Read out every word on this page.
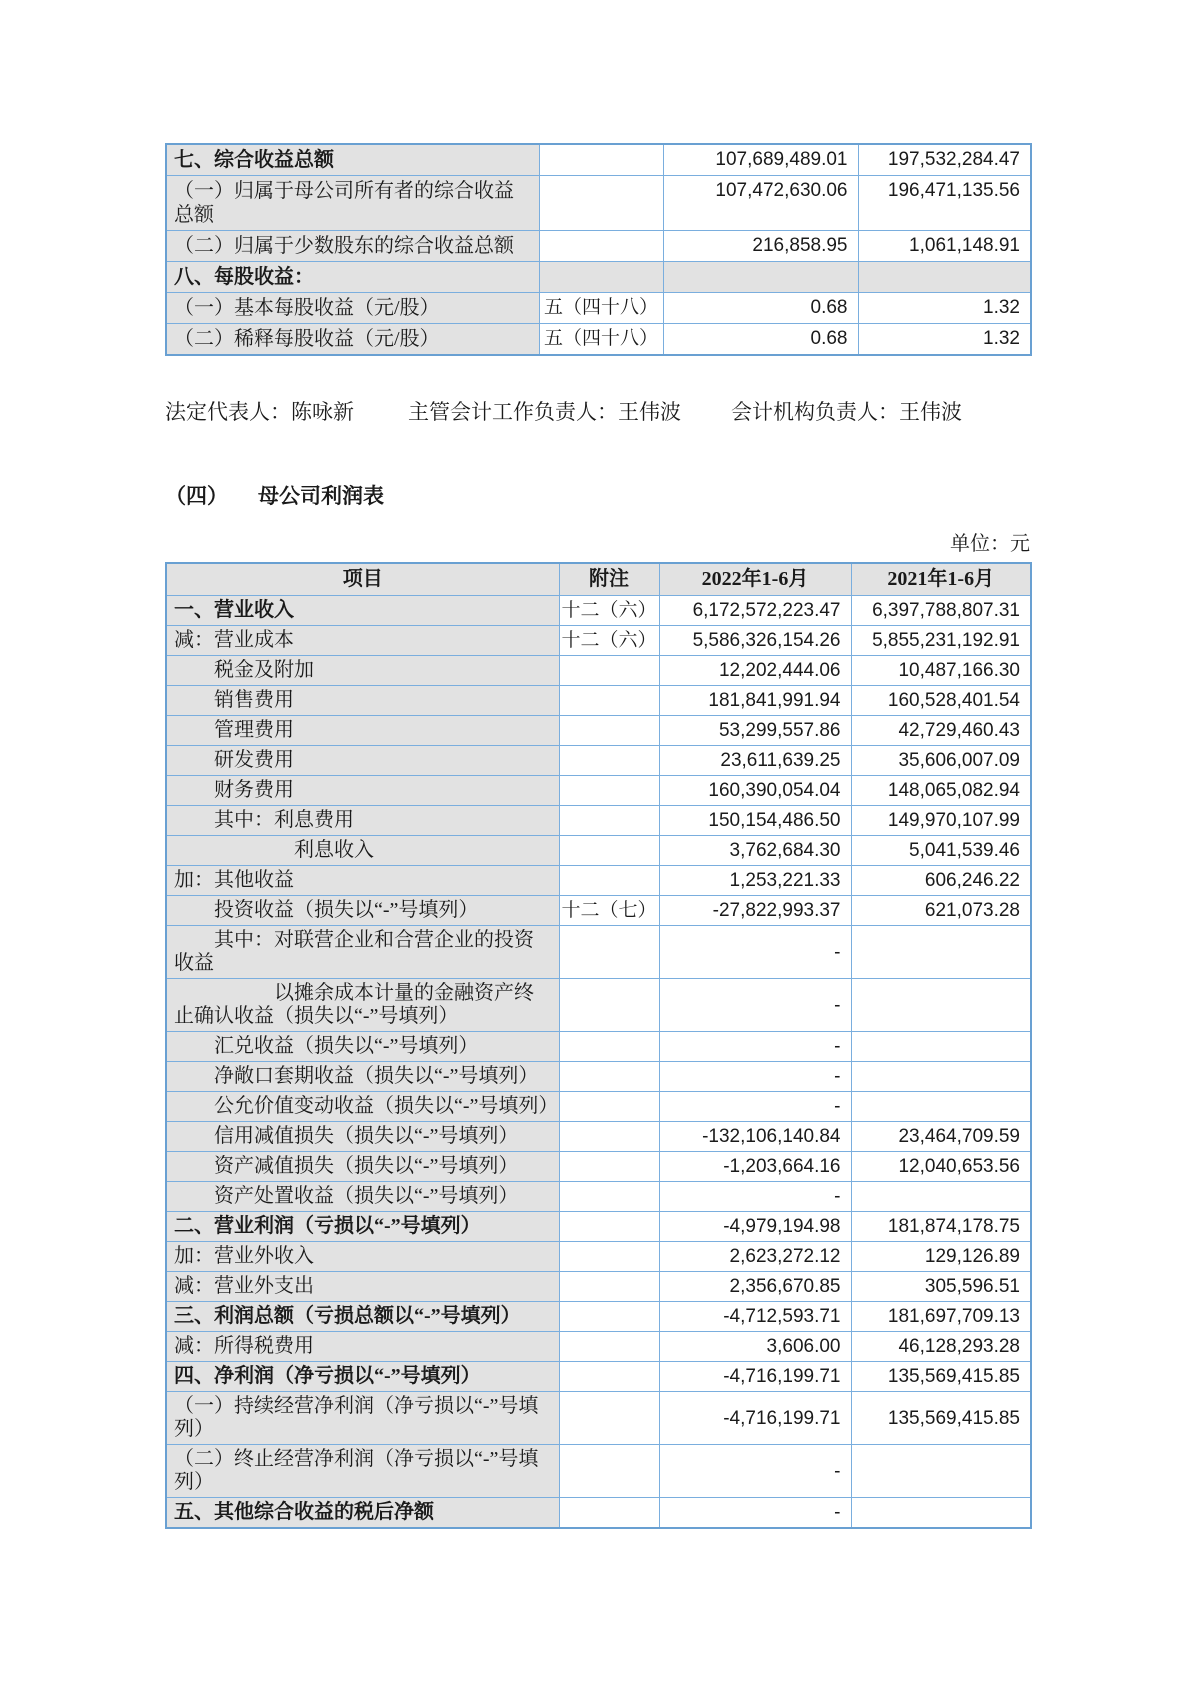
七、综合收益总额		107,689,489.01	197,532,284.47
（一）归属于母公司所有者的综合收益总额		107,472,630.06	196,471,135.56
（二）归属于少数股东的综合收益总额		216,858.95	1,061,148.91
八、每股收益：			
（一）基本每股收益（元/股）	五（四十八）	0.68	1.32
（二）稀释每股收益（元/股）	五（四十八）	0.68	1.32
法定代表人：陈咏新	主管会计工作负责人：王伟波 会计机构负责人：王伟波
（四） 母公司利润表
单位：元
项目	附注	2022年1-6月	2021年1-6月
一、营业收入	十二（六）	6,172,572,223.47	6,397,788,807.31
减：营业成本	十二（六）	5,586,326,154.26	5,855,231,192.91
税金及附加		12,202,444.06	10,487,166.30
销售费用		181,841,991.94	160,528,401.54
管理费用		53,299,557.86	42,729,460.43
研发费用		23,611,639.25	35,606,007.09
财务费用		160,390,054.04	148,065,082.94
其中：利息费用		150,154,486.50	149,970,107.99
利息收入		3,762,684.30	5,041,539.46
加：其他收益		1,253,221.33	606,246.22
投资收益（损失以“-”号填列）	十二（七）	-27,822,993.37	621,073.28
其中：对联营企业和合营企业的投资收益		-	
以摊余成本计量的金融资产终止确认收益（损失以“-”号填列）		-	
汇兑收益（损失以“-”号填列）		-	
净敞口套期收益（损失以“-”号填列）		-	
公允价值变动收益（损失以“-”号填列）		-	
信用减值损失（损失以“-”号填列）		-132,106,140.84	23,464,709.59
资产减值损失（损失以“-”号填列）		-1,203,664.16	12,040,653.56
资产处置收益（损失以“-”号填列）		-	
二、营业利润（亏损以“-”号填列）		-4,979,194.98	181,874,178.75
加：营业外收入		2,623,272.12	129,126.89
减：营业外支出		2,356,670.85	305,596.51
三、利润总额（亏损总额以“-”号填列）		-4,712,593.71	181,697,709.13
减：所得税费用		3,606.00	46,128,293.28
四、净利润（净亏损以“-”号填列）		-4,716,199.71	135,569,415.85
（一）持续经营净利润（净亏损以“-”号填列）		-4,716,199.71	135,569,415.85
（二）终止经营净利润（净亏损以“-”号填列）		-	
五、其他综合收益的税后净额		-	
